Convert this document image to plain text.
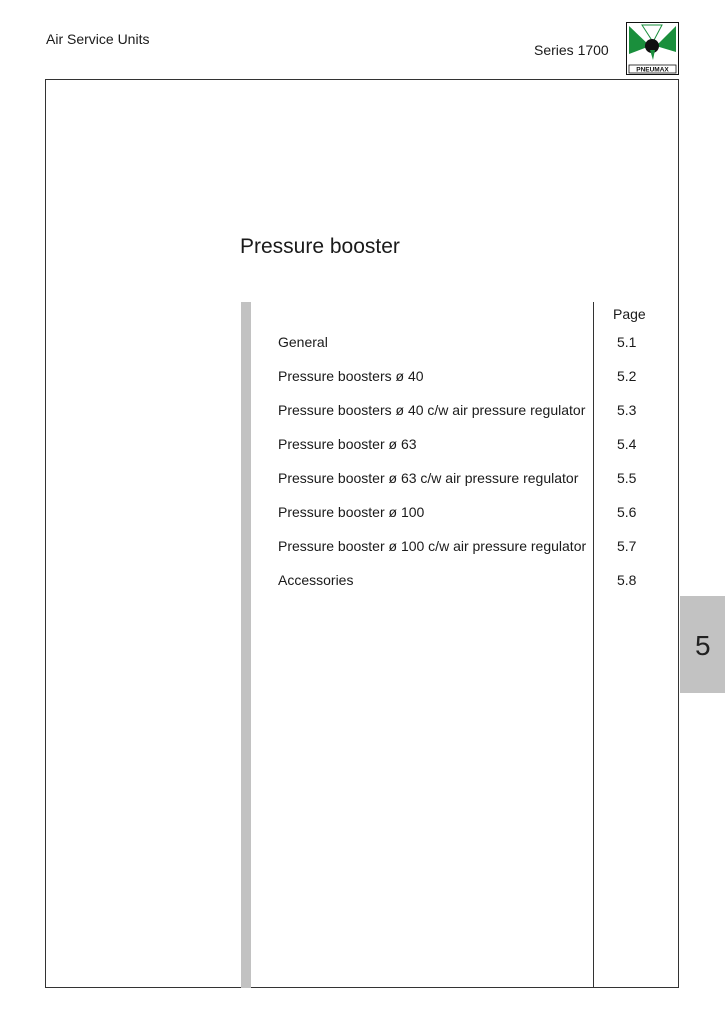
Air Service Units
Series 1700
PNEUMAX
Pressure booster
Page
General	5.1
Pressure boosters ø 40	5.2
Pressure boosters ø 40 c/w air pressure regulator 5.3
Pressure booster ø 63	5.4
Pressure booster ø 63 c/w air pressure regulator	5.5
Pressure booster ø 100	5.6
Pressure booster ø 100 c/w air pressure regulator 5.7
Accessories	5.8
5
